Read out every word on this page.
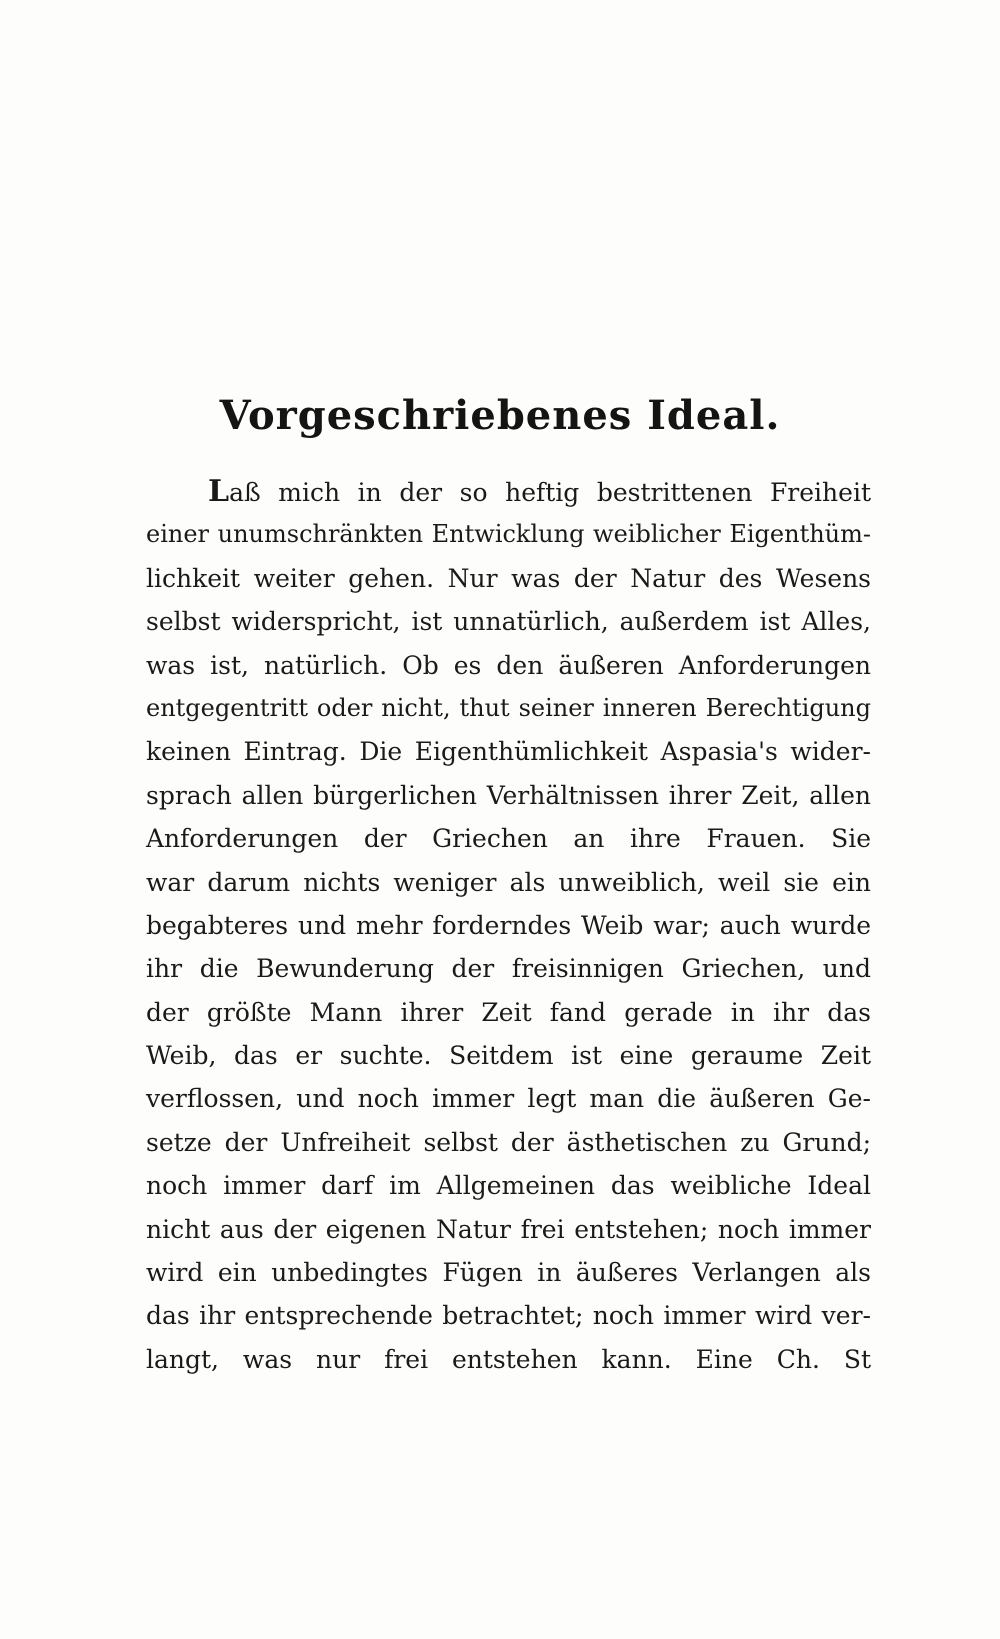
Vorgeschriebenes Ideal.
Laß mich in der so heftig bestrittenen Freiheit
einer unumschränkten Entwicklung weiblicher Eigenthüm-
lichkeit weiter gehen. Nur was der Natur des Wesens
selbst widerspricht, ist unnatürlich, außerdem ist Alles,
was ist, natürlich. Ob es den äußeren Anforderungen
entgegentritt oder nicht, thut seiner inneren Berechtigung
keinen Eintrag. Die Eigenthümlichkeit Aspasia's wider-
sprach allen bürgerlichen Verhältnissen ihrer Zeit, allen
Anforderungen der Griechen an ihre Frauen. Sie
war darum nichts weniger als unweiblich, weil sie ein
begabteres und mehr forderndes Weib war; auch wurde
ihr die Bewunderung der freisinnigen Griechen, und
der größte Mann ihrer Zeit fand gerade in ihr das
Weib, das er suchte. Seitdem ist eine geraume Zeit
verflossen, und noch immer legt man die äußeren Ge-
setze der Unfreiheit selbst der ästhetischen zu Grund;
noch immer darf im Allgemeinen das weibliche Ideal
nicht aus der eigenen Natur frei entstehen; noch immer
wird ein unbedingtes Fügen in äußeres Verlangen als
das ihr entsprechende betrachtet; noch immer wird ver-
langt, was nur frei entstehen kann. Eine Ch. St
